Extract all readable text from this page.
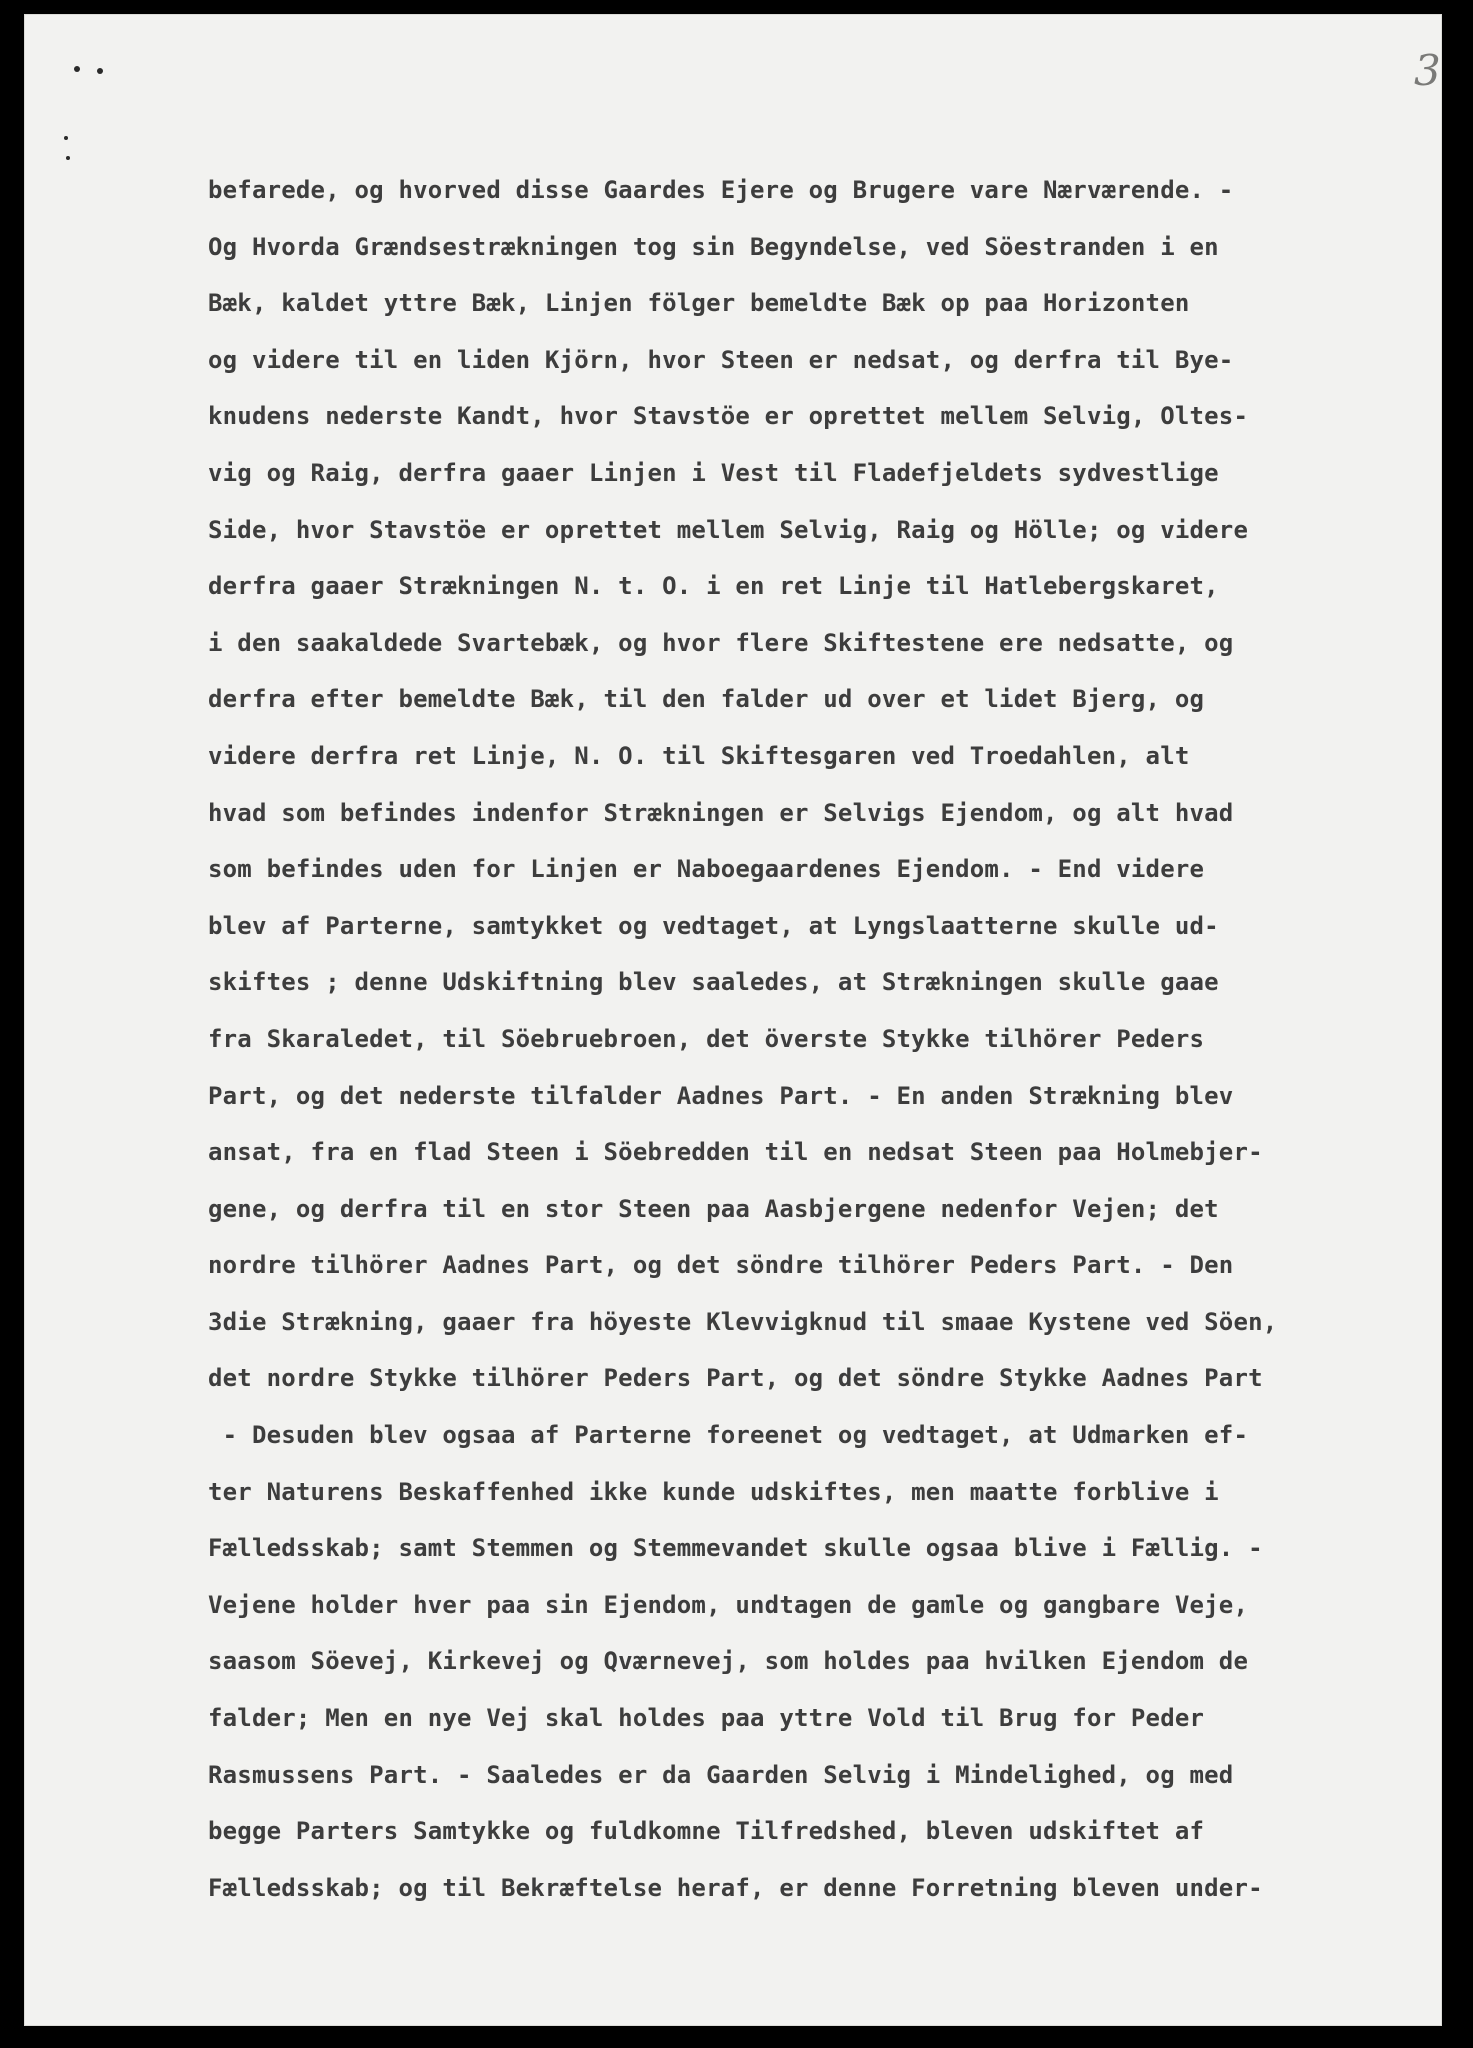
3
befarede, og hvorved disse Gaardes Ejere og Brugere vare Nærværende. -
Og Hvorda Grændsestrækningen tog sin Begyndelse, ved Söestranden i en
Bæk, kaldet yttre Bæk, Linjen fölger bemeldte Bæk op paa Horizonten
og videre til en liden Kjörn, hvor Steen er nedsat, og derfra til Bye-
knudens nederste Kandt, hvor Stavstöe er oprettet mellem Selvig, Oltes-
vig og Raig, derfra gaaer Linjen i Vest til Fladefjeldets sydvestlige
Side, hvor Stavstöe er oprettet mellem Selvig, Raig og Hölle; og videre
derfra gaaer Strækningen N. t. O. i en ret Linje til Hatlebergskaret,
i den saakaldede Svartebæk, og hvor flere Skiftestene ere nedsatte, og
derfra efter bemeldte Bæk, til den falder ud over et lidet Bjerg, og
videre derfra ret Linje, N. O. til Skiftesgaren ved Troedahlen, alt
hvad som befindes indenfor Strækningen er Selvigs Ejendom, og alt hvad
som befindes uden for Linjen er Naboegaardenes Ejendom. - End videre
blev af Parterne, samtykket og vedtaget, at Lyngslaatterne skulle ud-
skiftes ; denne Udskiftning blev saaledes, at Strækningen skulle gaae
fra Skaraledet, til Söebruebroen, det överste Stykke tilhörer Peders
Part, og det nederste tilfalder Aadnes Part. - En anden Strækning blev
ansat, fra en flad Steen i Söebredden til en nedsat Steen paa Holmebjer-
gene, og derfra til en stor Steen paa Aasbjergene nedenfor Vejen; det
nordre tilhörer Aadnes Part, og det söndre tilhörer Peders Part. - Den
3die Strækning, gaaer fra höyeste Klevvigknud til smaae Kystene ved Söen,
det nordre Stykke tilhörer Peders Part, og det söndre Stykke Aadnes Part
- Desuden blev ogsaa af Parterne foreenet og vedtaget, at Udmarken ef-
ter Naturens Beskaffenhed ikke kunde udskiftes, men maatte forblive i
Fælledsskab; samt Stemmen og Stemmevandet skulle ogsaa blive i Fællig. -
Vejene holder hver paa sin Ejendom, undtagen de gamle og gangbare Veje,
saasom Söevej, Kirkevej og Qværnevej, som holdes paa hvilken Ejendom de
falder; Men en nye Vej skal holdes paa yttre Vold til Brug for Peder
Rasmussens Part. - Saaledes er da Gaarden Selvig i Mindelighed, og med
begge Parters Samtykke og fuldkomne Tilfredshed, bleven udskiftet af
Fælledsskab; og til Bekræftelse heraf, er denne Forretning bleven under-
